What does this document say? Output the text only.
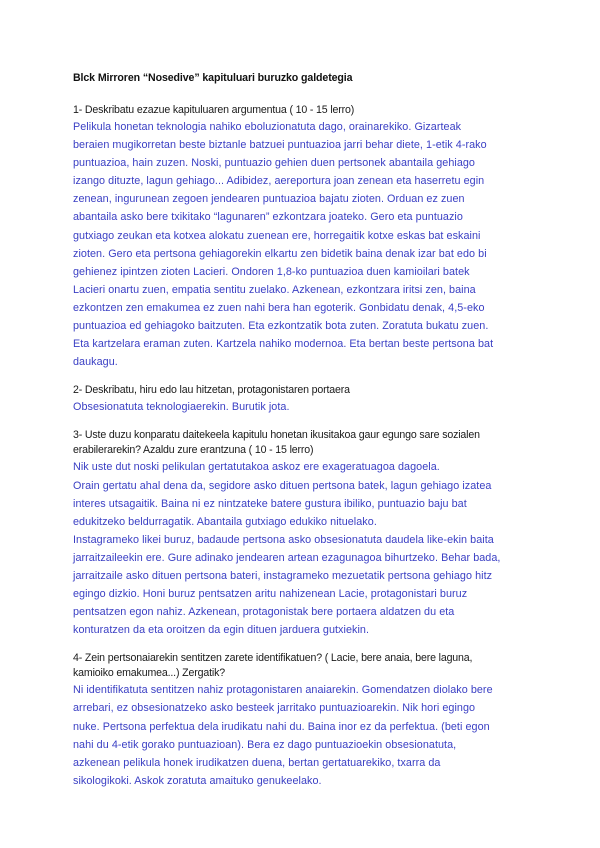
Blck Mirroren “Nosedive” kapituluari buruzko galdetegia

1- Deskribatu ezazue kapituluaren argumentua ( 10 - 15 lerro)

Pelikula honetan teknologia nahiko eboluzionatuta dago, orainarekiko. Gizarteak
beraien mugikorretan beste biztanle batzuei puntuazioa jarri behar diete, 1-etik 4-rako
puntuazioa, hain zuzen. Noski, puntuazio gehien duen pertsonek abantaila gehiago
izango dituzte, lagun gehiago... Adibidez, aereportura joan zenean eta haserretu egin
zenean, ingurunean zegoen jendearen puntuazioa bajatu zioten. Orduan ez zuen
abantaila asko bere txikitako “lagunaren” ezkontzara joateko. Gero eta puntuazio
gutxiago zeukan eta kotxea alokatu zuenean ere, horregaitik kotxe eskas bat eskaini
zioten. Gero eta pertsona gehiagorekin elkartu zen bidetik baina denak izar bat edo bi
gehienez ipintzen zioten Lacieri. Ondoren 1,8-ko puntuazioa duen kamioilari batek
Lacieri onartu zuen, empatia sentitu zuelako. Azkenean, ezkontzara iritsi zen, baina
ezkontzen zen emakumea ez zuen nahi bera han egoterik. Gonbidatu denak, 4,5-eko
puntuazioa ed gehiagoko baitzuten. Eta ezkontzatik bota zuten. Zoratuta bukatu zuen.
Eta kartzelara eraman zuten. Kartzela nahiko modernoa. Eta bertan beste pertsona bat
daukagu.

2- Deskribatu, hiru edo lau hitzetan, protagonistaren portaera

Obsesionatuta teknologiaerekin. Burutik jota.

3- Uste duzu konparatu daitekeela kapitulu honetan ikusitakoa gaur egungo sare sozialen
erabilerarekin? Azaldu zure erantzuna ( 10 - 15 lerro)

Nik uste dut noski pelikulan gertatutakoa askoz ere exageratuagoa dagoela.
Orain gertatu ahal dena da, segidore asko dituen pertsona batek, lagun gehiago izatea
interes utsagaitik. Baina ni ez nintzateke batere gustura ibiliko, puntuazio baju bat
edukitzeko beldurragatik. Abantaila gutxiago edukiko nituelako.
Instagrameko likei buruz, badaude pertsona asko obsesionatuta daudela like-ekin baita
jarraitzaileekin ere. Gure adinako jendearen artean ezagunagoa bihurtzeko. Behar bada,
jarraitzaile asko dituen pertsona bateri, instagrameko mezuetatik pertsona gehiago hitz
egingo dizkio. Honi buruz pentsatzen aritu nahizenean Lacie, protagonistari buruz
pentsatzen egon nahiz. Azkenean, protagonistak bere portaera aldatzen du eta
konturatzen da eta oroitzen da egin dituen jarduera gutxiekin.

4- Zein pertsonaiarekin sentitzen zarete identifikatuen? ( Lacie, bere anaia, bere laguna,
kamioiko emakumea...) Zergatik?

Ni identifikatuta sentitzen nahiz protagonistaren anaiarekin. Gomendatzen diolako bere
arrebari, ez obsesionatzeko asko besteek jarritako puntuazioarekin. Nik hori egingo
nuke. Pertsona perfektua dela irudikatu nahi du. Baina inor ez da perfektua. (beti egon
nahi du 4-etik gorako puntuazioan). Bera ez dago puntuazioekin obsesionatuta,
azkenean pelikula honek irudikatzen duena, bertan gertatuarekiko, txarra da
sikologikoki. Askok zoratuta amaituko genukeelako.
